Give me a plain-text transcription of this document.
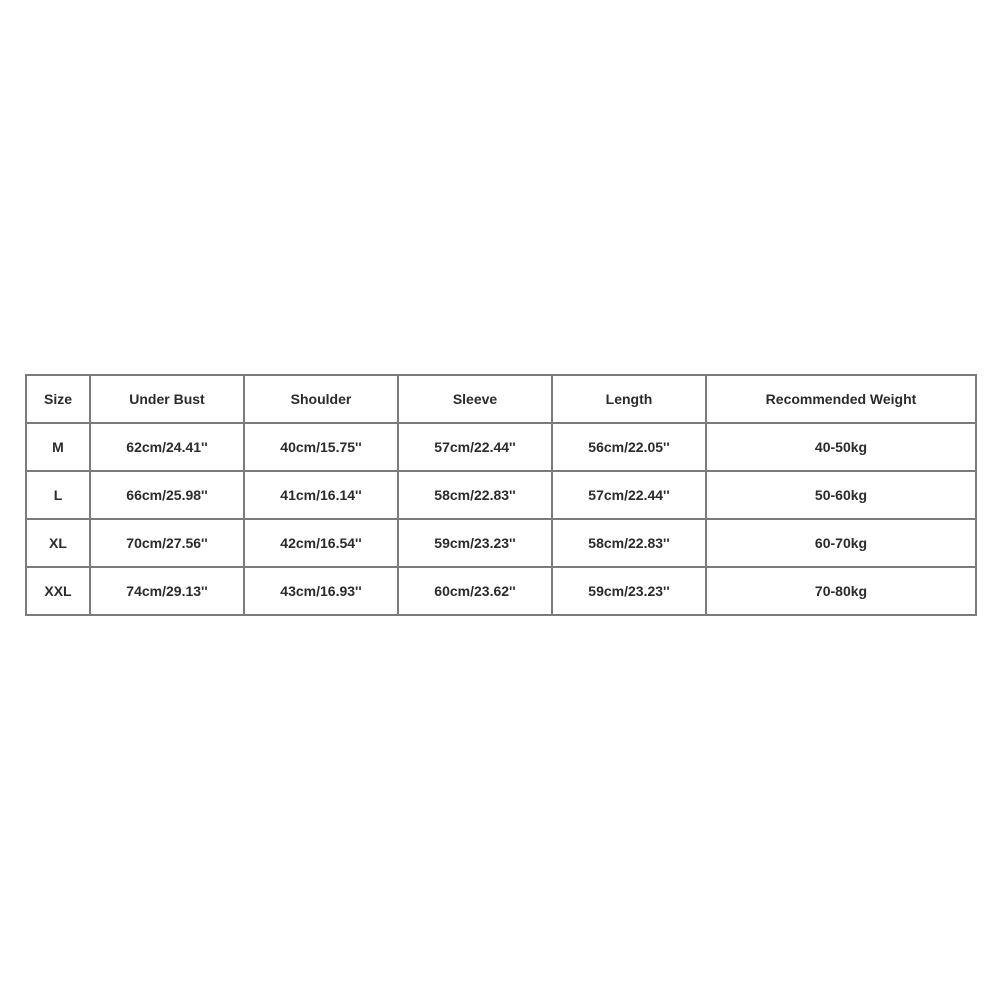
Size	Under Bust	Shoulder	Sleeve	Length	Recommended Weight
M	62cm/24.41''	40cm/15.75''	57cm/22.44''	56cm/22.05''	40-50kg
L	66cm/25.98''	41cm/16.14''	58cm/22.83''	57cm/22.44''	50-60kg
XL	70cm/27.56''	42cm/16.54''	59cm/23.23''	58cm/22.83''	60-70kg
XXL	74cm/29.13''	43cm/16.93''	60cm/23.62''	59cm/23.23''	70-80kg
